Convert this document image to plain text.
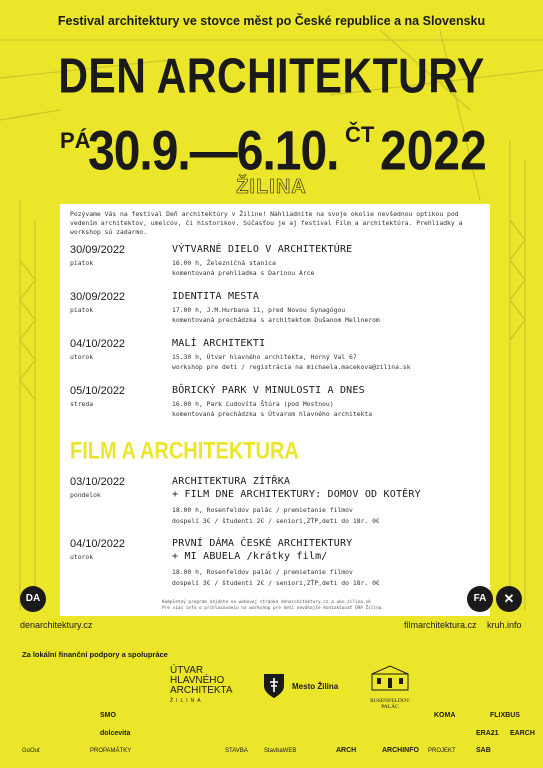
Festival architektury ve stovce měst po České republice a na Slovensku
DEN ARCHITEKTURY
PÁ
30.9.—6.10. ČT 2022
ŽILINA
Pozývame Vás na festival Deň architektúry v Žiline! Nahliadnite na svoje okolie nevšednou optikou pod vedením architektov, umelcov, či historikov. Súčasťou je aj festival Film a architektúra. Prehliadky a workshop sú zadarmo.
30/09/2022
piatok
VÝTVARNÉ DIELO V ARCHITEKTÚRE
16.00 h, Železničná stanica
komentovaná prehliadka s Darinou Arce
30/09/2022
piatok
IDENTITA MESTA
17.00 h, J.M.Hurbana 11, pred Novou Synagógou
komentovaná prechádzka s architektom Dušanom Mellnerom
04/10/2022
utorok
MALÍ ARCHITEKTI
15.30 h, Útvar hlavného architekta, Horný Val 67
workshop pre deti / registrácia na michaela.macekova@zilina.sk
05/10/2022
streda
BÔRICKÝ PARK V MINULOSTI A DNES
16.00 h, Park Ľudovíta Štúra (pod Mostnou)
komentovaná prechádzka s Útvarom hlavného architekta
FILM A ARCHITEKTURA
03/10/2022
pondelok
ARCHITEKTURA ZÍTŘKA
+ FILM DNE ARCHITEKTURY: DOMOV OD KOTĚRY
18.00 h, Rosenfeldov palác / premietanie filmov
dospelí 3€ / študenti 2€ / seniori,ZŤP,deti do 18r. 0€
04/10/2022
utorok
PRVNÍ DÁMA ČESKÉ ARCHITEKTURY
+ MI ABUELA /krátky film/
18.00 h, Rosenfeldov palác / premietanie filmov
dospelí 3€ / študenti 2€ / seniori,ZŤP,deti do 18r. 0€
Kompletný program nájdete na webovej stránke denarchitektury.cz a ukv.zilina.sk
Pre viac info o prihlasovaniu na workshop pre deti neváhajte kontaktovať ÚHA Žilina.
DA	FA	✕
denarchitektury.cz	filmarchitektura.cz kruh.info
Za lokální finanční podpory a spolupráce
ÚTVAR
HLAVNÉHO
ARCHITEKTA
ŽILINA
Mesto Žilina
ROSENFELDOV
PALÁC
SMO	KOMA	FLIXBUS
dolcevita	ERA21 EARCH
GoOut	PROPAMÁTKY	STAVBA	StavbaWEB	ARCH	ARCHINFO PROJEKT	SAB
